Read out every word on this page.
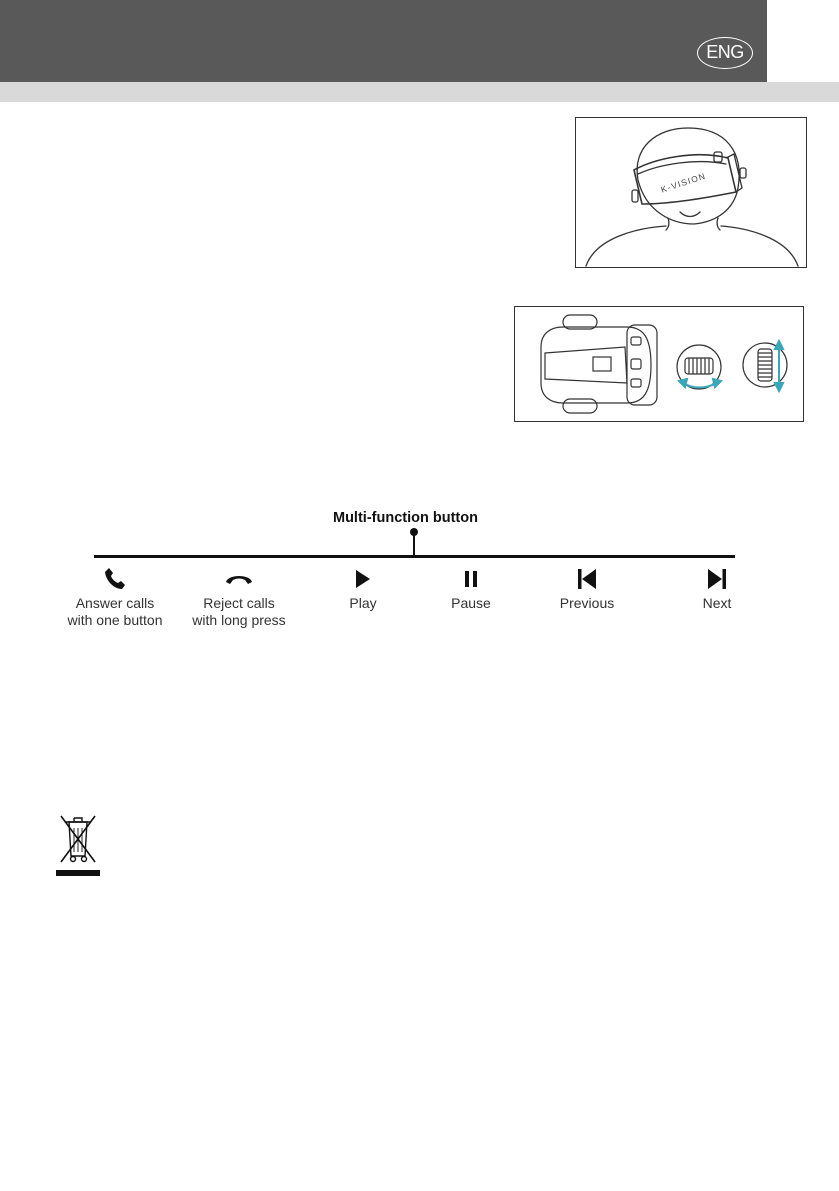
ENG
K-VISION
Multi-function button
Answer calls
with one button
Reject calls
with long press
Play	Pause	Previous	Next
